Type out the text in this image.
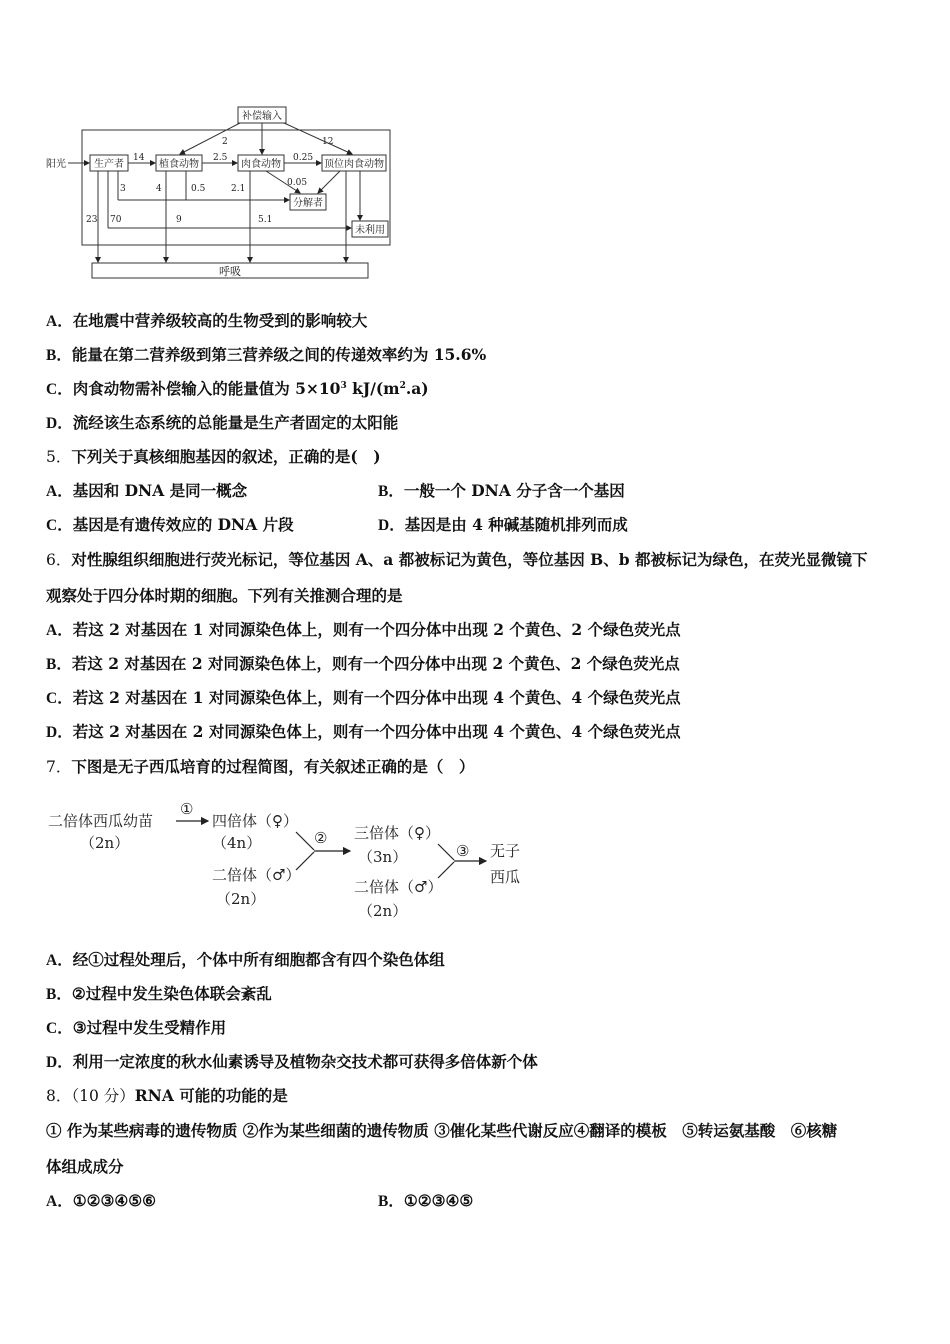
补偿输入
阳光	生产者	植食动物	肉食动物	顶位肉食动物
分解者
未利用
呼吸
2	12
14	2.5	0.25
0.05
3	4	0.5	2.1
23 70	9	5.1
A．在地震中营养级较高的生物受到的影响较大
B．能量在第二营养级到第三营养级之间的传递效率约为 15.6%
C．肉食动物需补偿输入的能量值为 $5\times 10^3$ $kJ/(m^2.a)$
D．流经该生态系统的总能量是生产者固定的太阳能
5．下列关于真核细胞基因的叙述，正确的是(　)
A．基因和 DNA 是同一概念	B．一般一个 DNA 分子含一个基因
C．基因是有遗传效应的 DNA 片段	D．基因是由 4 种碱基随机排列而成
6．对性腺组织细胞进行荧光标记，等位基因 A、a 都被标记为黄色，等位基因 B、b 都被标记为绿色，在荧光显微镜下
观察处于四分体时期的细胞。下列有关推测合理的是
A．若这 2 对基因在 1 对同源染色体上，则有一个四分体中出现 2 个黄色、2 个绿色荧光点
B．若这 2 对基因在 2 对同源染色体上，则有一个四分体中出现 2 个黄色、2 个绿色荧光点
C．若这 2 对基因在 1 对同源染色体上，则有一个四分体中出现 4 个黄色、4 个绿色荧光点
D．若这 2 对基因在 2 对同源染色体上，则有一个四分体中出现 4 个黄色、4 个绿色荧光点
7．下图是无子西瓜培育的过程简图，有关叙述正确的是（　）
二倍体西瓜幼苗
（2n）
①
四倍体（♀）
（4n）
二倍体（♂）
（2n）
② 三倍体（♀）
（3n）
二倍体（♂）
（2n）
③ 无子
西瓜
A．经①过程处理后，个体中所有细胞都含有四个染色体组
B．②过程中发生染色体联会紊乱
C．③过程中发生受精作用
D．利用一定浓度的秋水仙素诱导及植物杂交技术都可获得多倍体新个体
8．（10 分）RNA 可能的功能的是
① 作为某些病毒的遗传物质 ②作为某些细菌的遗传物质 ③催化某些代谢反应④翻译的模板　⑤转运氨基酸　⑥核糖
体组成成分
A．①②③④⑤⑥	B．①②③④⑤
